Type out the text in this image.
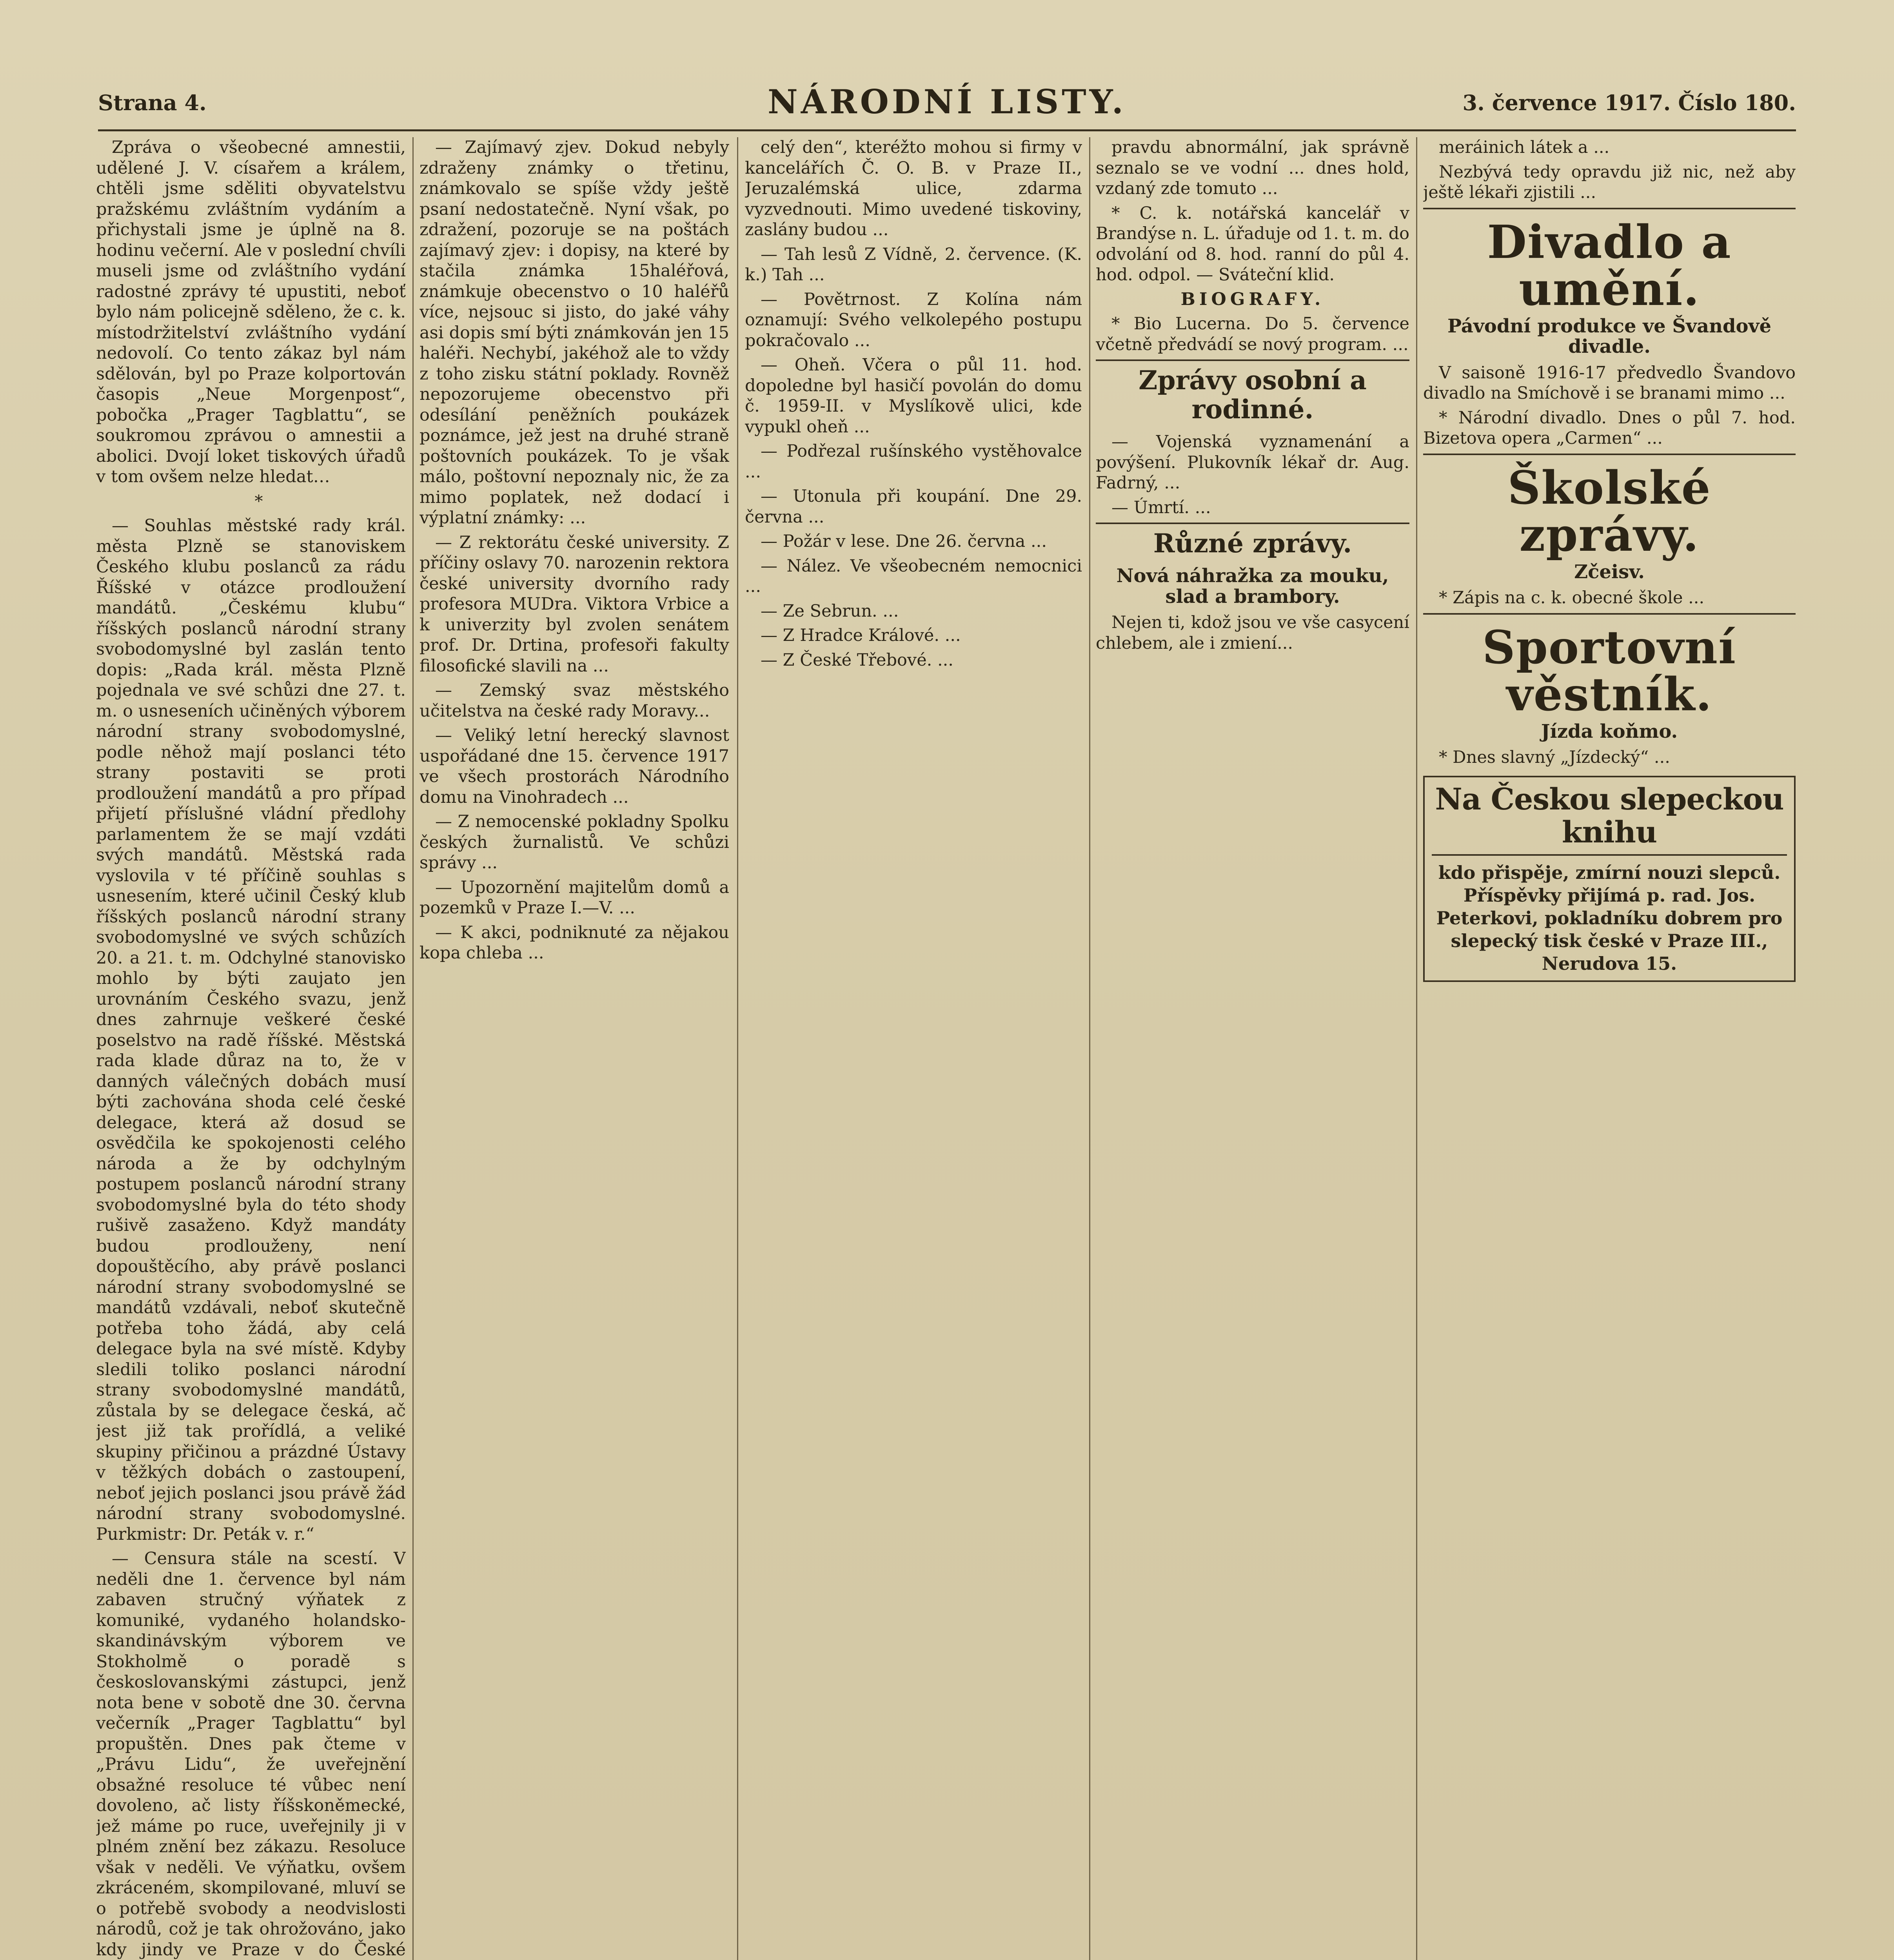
Strana 4.	NÁRODNÍ LISTY.	3. července 1917. Číslo 180.

Zpráva o všeobecné amnestii, udělené J. V. císařem a králem, chtěli jsme sděliti obyvatelstvu pražskému zvláštním vydáním a přichystali jsme je úplně na 8. hodinu večerní. Ale v poslední chvíli museli jsme od zvláštního vydání radostné zprávy té upustiti, neboť bylo nám policejně sděleno, že c. k. místodržitelství zvláštního vydání nedovolí. Co tento zákaz byl nám sdělován, byl po Praze kolportován časopis „Neue Morgenpost“, pobočka „Prager Tagblattu“, se soukromou zprávou o amnestii a abolici. Dvojí loket tiskových úřadů v tom ovšem nelze hledat…

*

— Souhlas městské rady král. města Plzně se stanoviskem Českého klubu poslanců za rádu Říšské v otázce prodloužení mandátů. „Českému klubu“ říšských poslanců národní strany svobodomyslné byl zaslán tento dopis: „Rada král. města Plzně pojednala ve své schůzi dne 27. t. m. o usneseních učiněných výborem národní strany svobodomyslné, podle něhož mají poslanci této strany postaviti se proti prodloužení mandátů a pro případ přijetí příslušné vládní předlohy parlamentem že se mají vzdáti svých mandátů. Městská rada vyslovila v té příčině souhlas s usnesením, které učinil Český klub říšských poslanců národní strany svobodomyslné ve svých schůzích 20. a 21. t. m. Odchylné stanovisko mohlo by býti zaujato jen urovnáním Českého svazu, jenž dnes zahrnuje veškeré české poselstvo na radě říšské. Městská rada klade důraz na to, že v danných válečných dobách musí býti zachována shoda celé české delegace, která až dosud se osvědčila ke spokojenosti celého národa a že by odchylným postupem poslanců národní strany svobodomyslné byla do této shody rušivě zasaženo. Když mandáty budou prodlouženy, není dopouštěcího, aby právě poslanci národní strany svobodomyslné se mandátů vzdávali, neboť skutečně potřeba toho žádá, aby celá delegace byla na své místě. Kdyby sledili toliko poslanci národní strany svobodomyslné mandátů, zůstala by se delegace česká, ač jest již tak prořídlá, a veliké skupiny přičinou a prázdné Ústavy v těžkých dobách o zastoupení, neboť jejich poslanci jsou právě žád národní strany svobodomyslné. Purkmistr: Dr. Peták v. r.“

— Censura stále na scestí. V neděli dne 1. července byl nám zabaven stručný výňatek z komuniké, vydaného holandsko-skandinávským výborem ve Stokholmě o poradě s českoslovanskými zástupci, jenž nota bene v sobotě dne 30. června večerník „Prager Tagblattu“ byl propuštěn. Dnes pak čteme v „Právu Lidu“, že uveřejnění obsažné resoluce té vůbec není dovoleno, ač listy říšskoněmecké, jež máme po ruce, uveřejnily ji v plném znění bez zákazu. Resoluce však v neděli. Ve výňatku, ovšem zkráceném, skompilované, mluví se o potřebě svobody a neodvislosti národů, což je tak ohrožováno, jako kdy jindy ve Praze v do České

— Zajímavý zjev. Dokud nebyly zdraženy známky o třetinu, známkovalo se spíše vždy ještě psaní nedostatečně. Nyní však, po zdražení, pozoruje se na poštách zajímavý zjev: i dopisy, na které by stačila známka 15haléřová, známkuje obecenstvo o 10 haléřů více, nejsouc si jisto, do jaké váhy asi dopis smí býti známkován jen 15 haléři. Nechybí, jakéhož ale to vždy z toho zisku státní poklady. Rovněž nepozorujeme obecenstvo při odesílání peněžních poukázek poznámce, jež jest na druhé straně poštovních poukázek. To je však málo, poštovní nepoznaly nic, že za mimo poplatek, než dodací i výplatní známky: ...

— Z rektorátu české university. Z příčiny oslavy 70. narozenin rektora české university dvorního rady profesora MUDra. Viktora Vrbice a k univerzity byl zvolen senátem prof. Dr. Drtina, profesoři fakulty filosofické slavili na ...

— Zemský svaz městského učitelstva na české rady Moravy...

— Veliký letní herecký slavnost uspořádané dne 15. července 1917 ve všech prostorách Národního domu na Vinohradech ...

— Z nemocenské pokladny Spolku českých žurnalistů. Ve schůzi správy ...

— Upozornění majitelům domů a pozemků v Praze I.—V. ...

— K akci, podniknuté za nějakou kopa chleba ...

celý den“, kteréžto mohou si firmy v kancelářích Č. O. B. v Praze II., Jeruzalémská ulice, zdarma vyzvednouti. Mimo uvedené tiskoviny, zaslány budou ...

— Tah lesů Z Vídně, 2. července. (K. k.) Tah ...

— Povětrnost. Z Kolína nám oznamují: Svého velkolepého postupu pokračovalo ...

— Oheň. Včera o půl 11. hod. dopoledne byl hasičí povolán do domu č. 1959-II. v Myslíkově ulici, kde vypukl oheň ...

— Podřezal rušínského vystěhovalce ...

— Utonula při koupání. Dne 29. června ...

— Požár v lese. Dne 26. června ...

— Nález. Ve všeobecném nemocnici ...

— Ze Sebrun. ...

— Z Hradce Králové. ...

— Z České Třebové. ...

pravdu abnormální, jak správně seznalo se ve vodní ... dnes hold, vzdaný zde tomuto ...

* C. k. notářská kancelář v Brandýse n. L. úřaduje od 1. t. m. do odvolání od 8. hod. ranní do půl 4. hod. odpol. — Sváteční klid.

BIOGRAFY.

* Bio Lucerna. Do 5. července včetně předvádí se nový program. ...

Zprávy osobní a rodinné.

— Vojenská vyznamenání a povýšení. Plukovník lékař dr. Aug. Fadrný, ...

— Úmrtí. ...

Různé zprávy.
Nová náhražka za mouku, slad a brambory.

Nejen ti, kdož jsou ve vše casycení chlebem, ale i zmiení...

meráinich látek a ...

Nezbývá tedy opravdu již nic, než aby ještě lékaři zjistili ...

Divadlo a umění.
Pávodní produkce ve Švandově divadle.

V saisoně 1916-17 předvedlo Švandovo divadlo na Smíchově i se branami mimo ...

* Národní divadlo. Dnes o půl 7. hod. Bizetova opera „Carmen“ ...

Školské zprávy.
Zčeisv.

* Zápis na c. k. obecné škole ...

Sportovní věstník.
Jízda koňmo.

* Dnes slavný „Jízdecký“ ...

Na Českou slepeckou knihu
kdo přispěje, zmírní nouzi slepců. Příspěvky přijímá p. rad. Jos. Peterkovi, pokladníku dobrem pro slepecký tisk české v Praze III., Nerudova 15.
